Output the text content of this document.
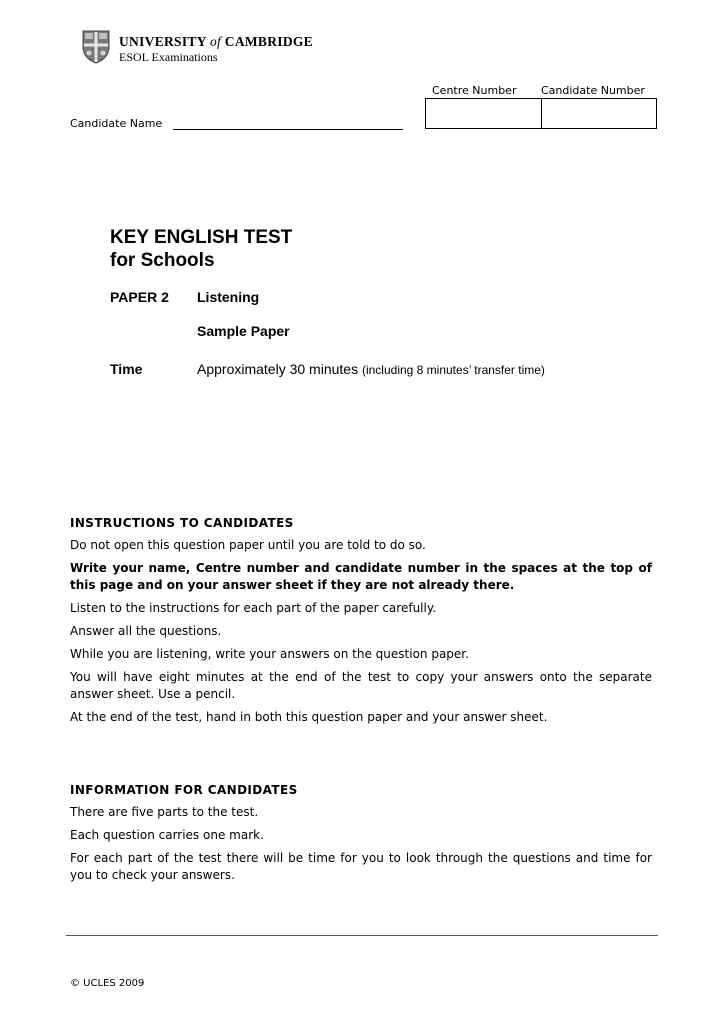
UNIVERSITY of CAMBRIDGE
ESOL Examinations
Centre Number Candidate Number
Candidate Name
KEY ENGLISH TEST
for Schools
PAPER 2 Listening
Sample Paper
Time	Approximately 30 minutes (including 8 minutes’ transfer time)
INSTRUCTIONS TO CANDIDATES

Do not open this question paper until you are told to do so.

Write your name, Centre number and candidate number in the spaces at the top of this page and on your answer sheet if they are not already there.

Listen to the instructions for each part of the paper carefully.

Answer all the questions.

While you are listening, write your answers on the question paper.

You will have eight minutes at the end of the test to copy your answers onto the separate answer sheet. Use a pencil.

At the end of the test, hand in both this question paper and your answer sheet.

INFORMATION FOR CANDIDATES

There are five parts to the test.

Each question carries one mark.

For each part of the test there will be time for you to look through the questions and time for you to check your answers.

© UCLES 2009
